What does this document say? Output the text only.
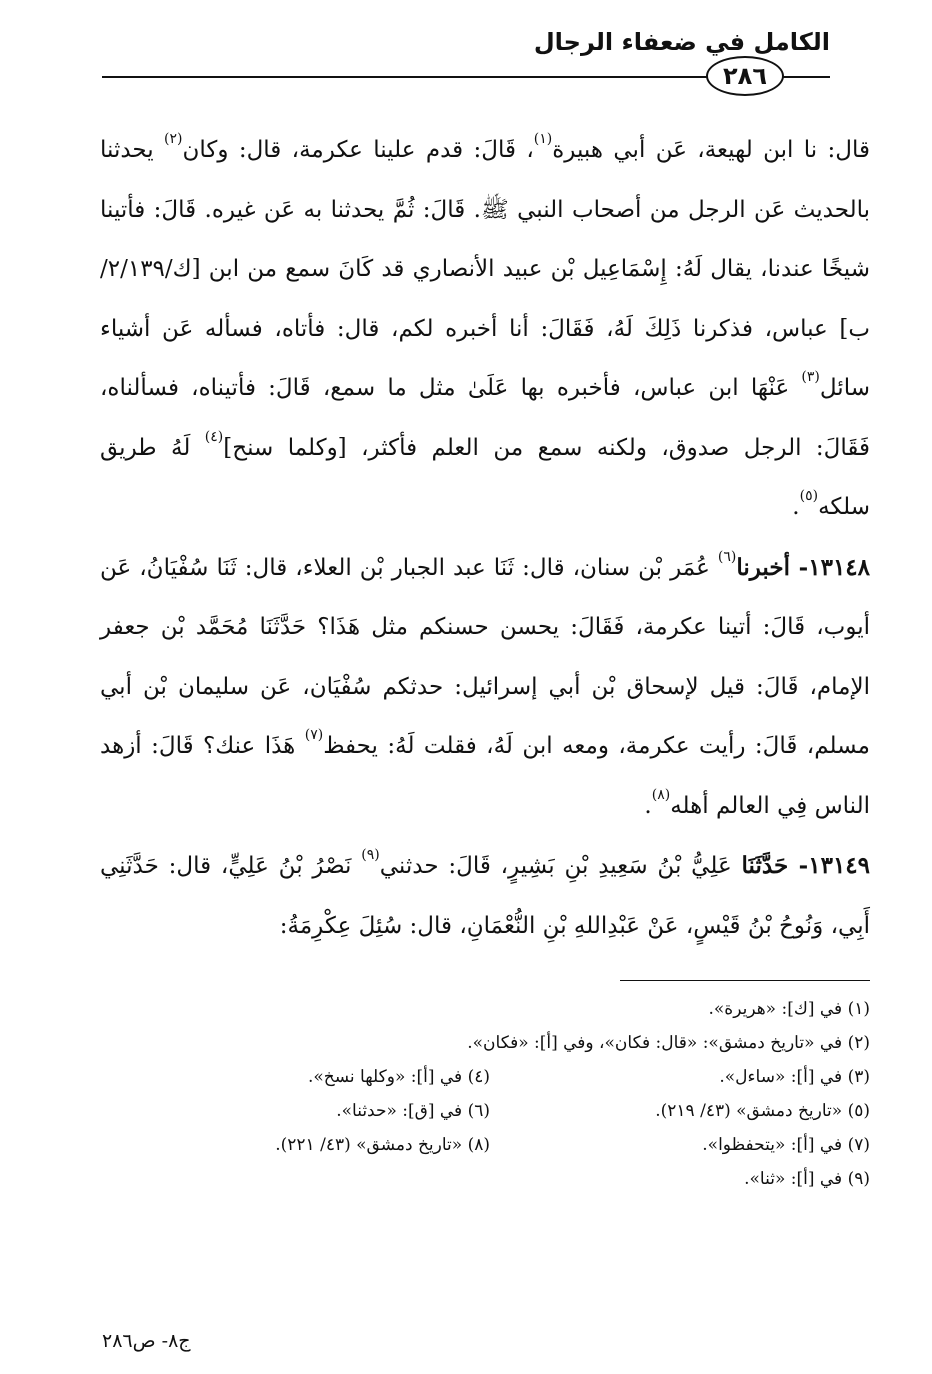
الكامل في ضعفاء الرجال
٢٨٦

قال: نا ابن لهيعة، عَن أبي هبيرة$^{(١)}$، قَالَ: قدم علينا عكرمة، قال: وكان$^{(٢)}$ يحدثنا بالحديث عَن الرجل من أصحاب النبي ﷺ. قَالَ: ثُمَّ يحدثنا به عَن غيره. قَالَ: فأتينا شيخًا عندنا، يقال لَهُ: إِسْمَاعِيل بْن عبيد الأنصاري قد كَانَ سمع من ابن [ك/٢/١٣٩/ب] عباس، فذكرنا ذَلِكَ لَهُ، فَقَالَ: أنا أخبره لكم، قال: فأتاه، فسأله عَن أشياء سائل$^{(٣)}$ عَنْهَا ابن عباس، فأخبره بها عَلَىٰ مثل ما سمع، قَالَ: فأتيناه، فسألناه، فَقَالَ: الرجل صدوق، ولكنه سمع من العلم فأكثر، [وكلما سنح]$^{(٤)}$ لَهُ طريق سلكه$^{(٥)}$.

١٣١٤٨- أخبرنا$^{(٦)}$ عُمَر بْن سنان، قال: ثَنَا عبد الجبار بْن العلاء، قال: ثَنَا سُفْيَانُ، عَن أيوب، قَالَ: أتينا عكرمة، فَقَالَ: يحسن حسنكم مثل هَذَا؟ حَدَّثَنَا مُحَمَّد بْن جعفر الإمام، قَالَ: قيل لإسحاق بْن أبي إسرائيل: حدثكم سُفْيَان، عَن سليمان بْن أبي مسلم، قَالَ: رأيت عكرمة، ومعه ابن لَهُ، فقلت لَهُ: يحفظ$^{(٧)}$ هَذَا عنك؟ قَالَ: أزهد الناس فِي العالم أهله$^{(٨)}$.

١٣١٤٩- حَدَّثَنَا عَلِيُّ بْنُ سَعِيدِ بْنِ بَشِيرٍ، قَالَ: حدثني$^{(٩)}$ نَصْرُ بْنُ عَلِيٍّ، قال: حَدَّثَنِي أَبِي، وَنُوحُ بْنُ قَيْسٍ، عَنْ عَبْدِاللهِ بْنِ النُّعْمَانِ، قال: سُئِلَ عِكْرِمَةُ:

(١) في [ك]: «هريرة».
(٢) في «تاريخ دمشق»: «قال: فكان»، وفي [أ]: «فكان».
(٣) في [أ]: «ساءل».
(٤) في [أ]: «وكلها نسخ».
(٥) «تاريخ دمشق» (٤٣/ ٢١٩).
(٦) في [ق]: «حدثنا».
(٧) في [أ]: «يتحفظوا».
(٨) «تاريخ دمشق» (٤٣/ ٢٢١).
(٩) في [أ]: «ثنا».
ج٨- ص٢٨٦
